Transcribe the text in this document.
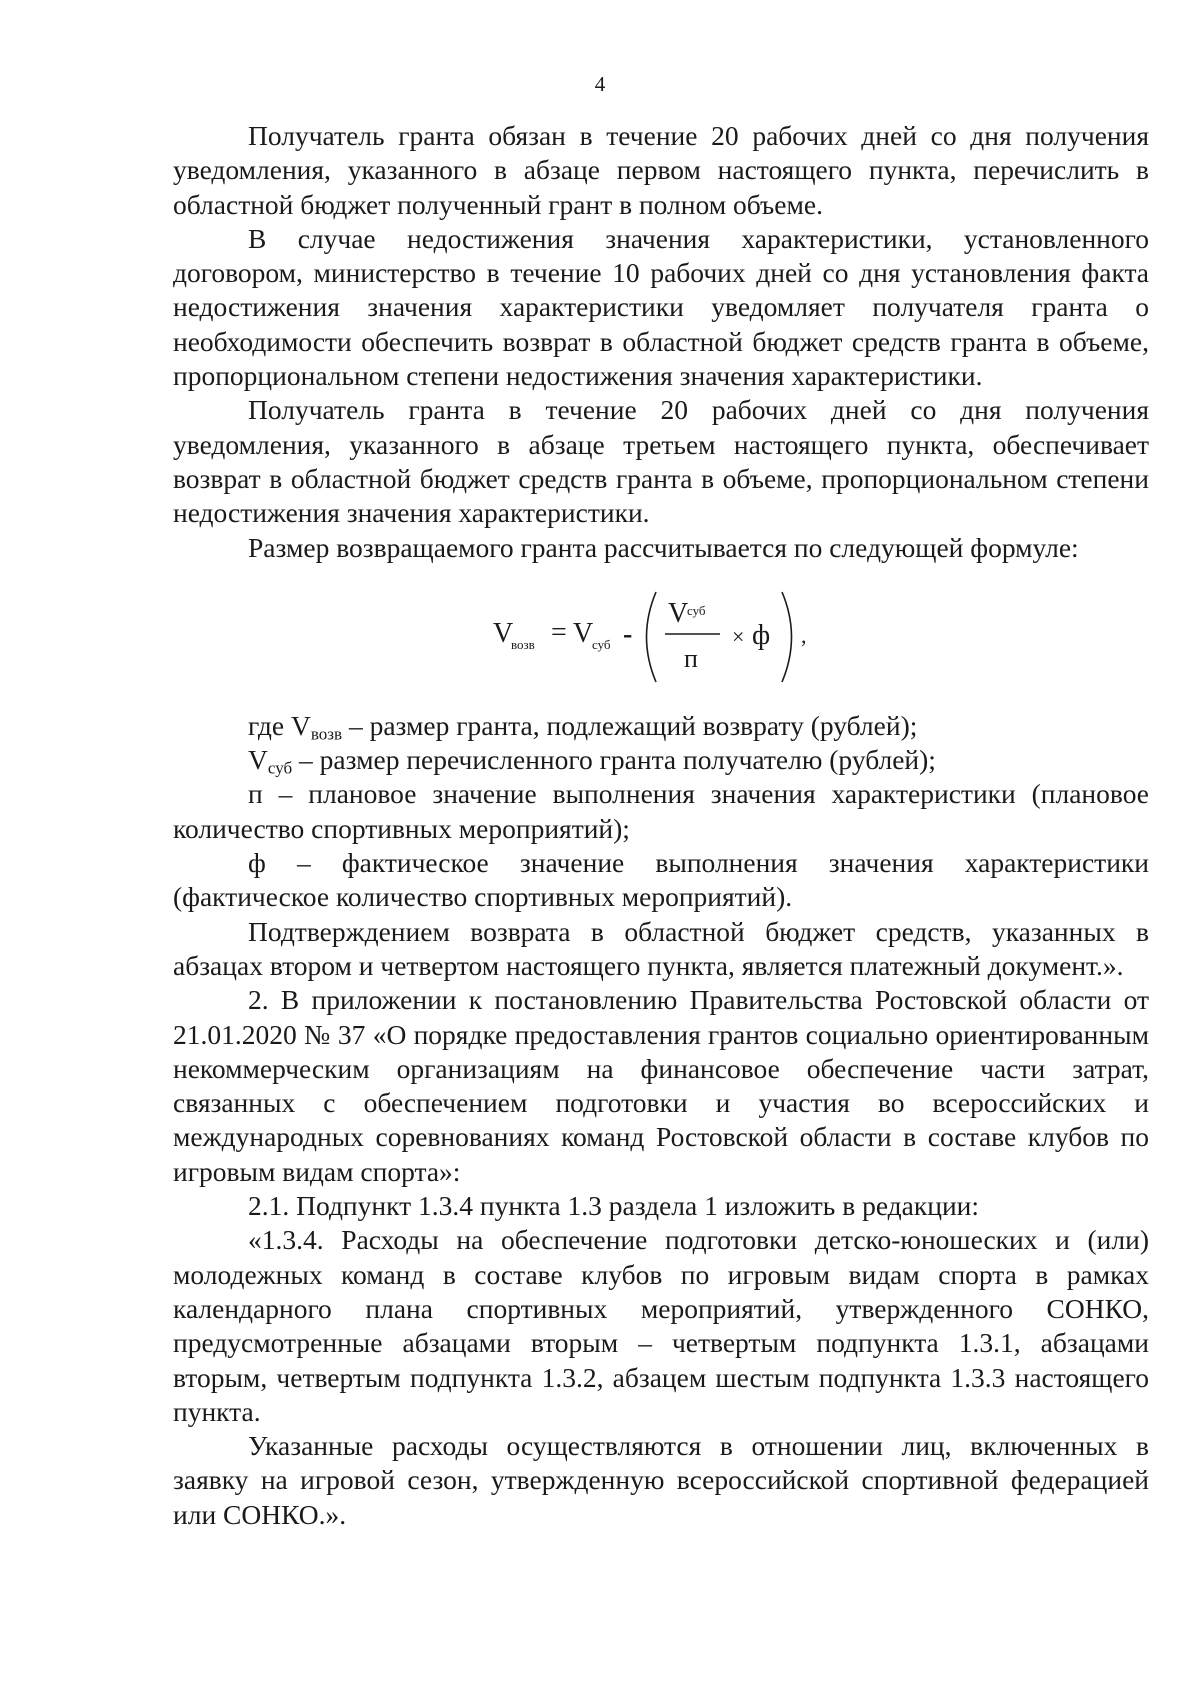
4

Получатель гранта обязан в течение 20 рабочих дней со дня получения уведомления, указанного в абзаце первом настоящего пункта, перечислить в областной бюджет полученный грант в полном объеме.

В случае недостижения значения характеристики, установленного договором, министерство в течение 10 рабочих дней со дня установления факта недостижения значения характеристики уведомляет получателя гранта о необходимости обеспечить возврат в областной бюджет средств гранта в объеме, пропорциональном степени недостижения значения характеристики.

Получатель гранта в течение 20 рабочих дней со дня получения уведомления, указанного в абзаце третьем настоящего пункта, обеспечивает возврат в областной бюджет средств гранта в объеме, пропорциональном степени недостижения значения характеристики.

Размер возвращаемого гранта рассчитывается по следующей формуле:

V
возв = V
суб -
V
суб
п
× ф ,

где $V_{возв}$ – размер гранта, подлежащий возврату (рублей);

$V_{суб}$ – размер перечисленного гранта получателю (рублей);

п – плановое значение выполнения значения характеристики (плановое количество спортивных мероприятий);

ф – фактическое значение выполнения значения характеристики (фактическое количество спортивных мероприятий).

Подтверждением возврата в областной бюджет средств, указанных в абзацах втором и четвертом настоящего пункта, является платежный документ.».

2. В приложении к постановлению Правительства Ростовской области от 21.01.2020 № 37 «О порядке предоставления грантов социально ориентированным некоммерческим организациям на финансовое обеспечение части затрат, связанных с обеспечением подготовки и участия во всероссийских и международных соревнованиях команд Ростовской области в составе клубов по игровым видам спорта»:

2.1. Подпункт 1.3.4 пункта 1.3 раздела 1 изложить в редакции:

«1.3.4. Расходы на обеспечение подготовки детско-юношеских и (или) молодежных команд в составе клубов по игровым видам спорта в рамках календарного плана спортивных мероприятий, утвержденного СОНКО, предусмотренные абзацами вторым – четвертым подпункта 1.3.1, абзацами вторым, четвертым подпункта 1.3.2, абзацем шестым подпункта 1.3.3 настоящего пункта.

Указанные расходы осуществляются в отношении лиц, включенных в заявку на игровой сезон, утвержденную всероссийской спортивной федерацией или СОНКО.».
